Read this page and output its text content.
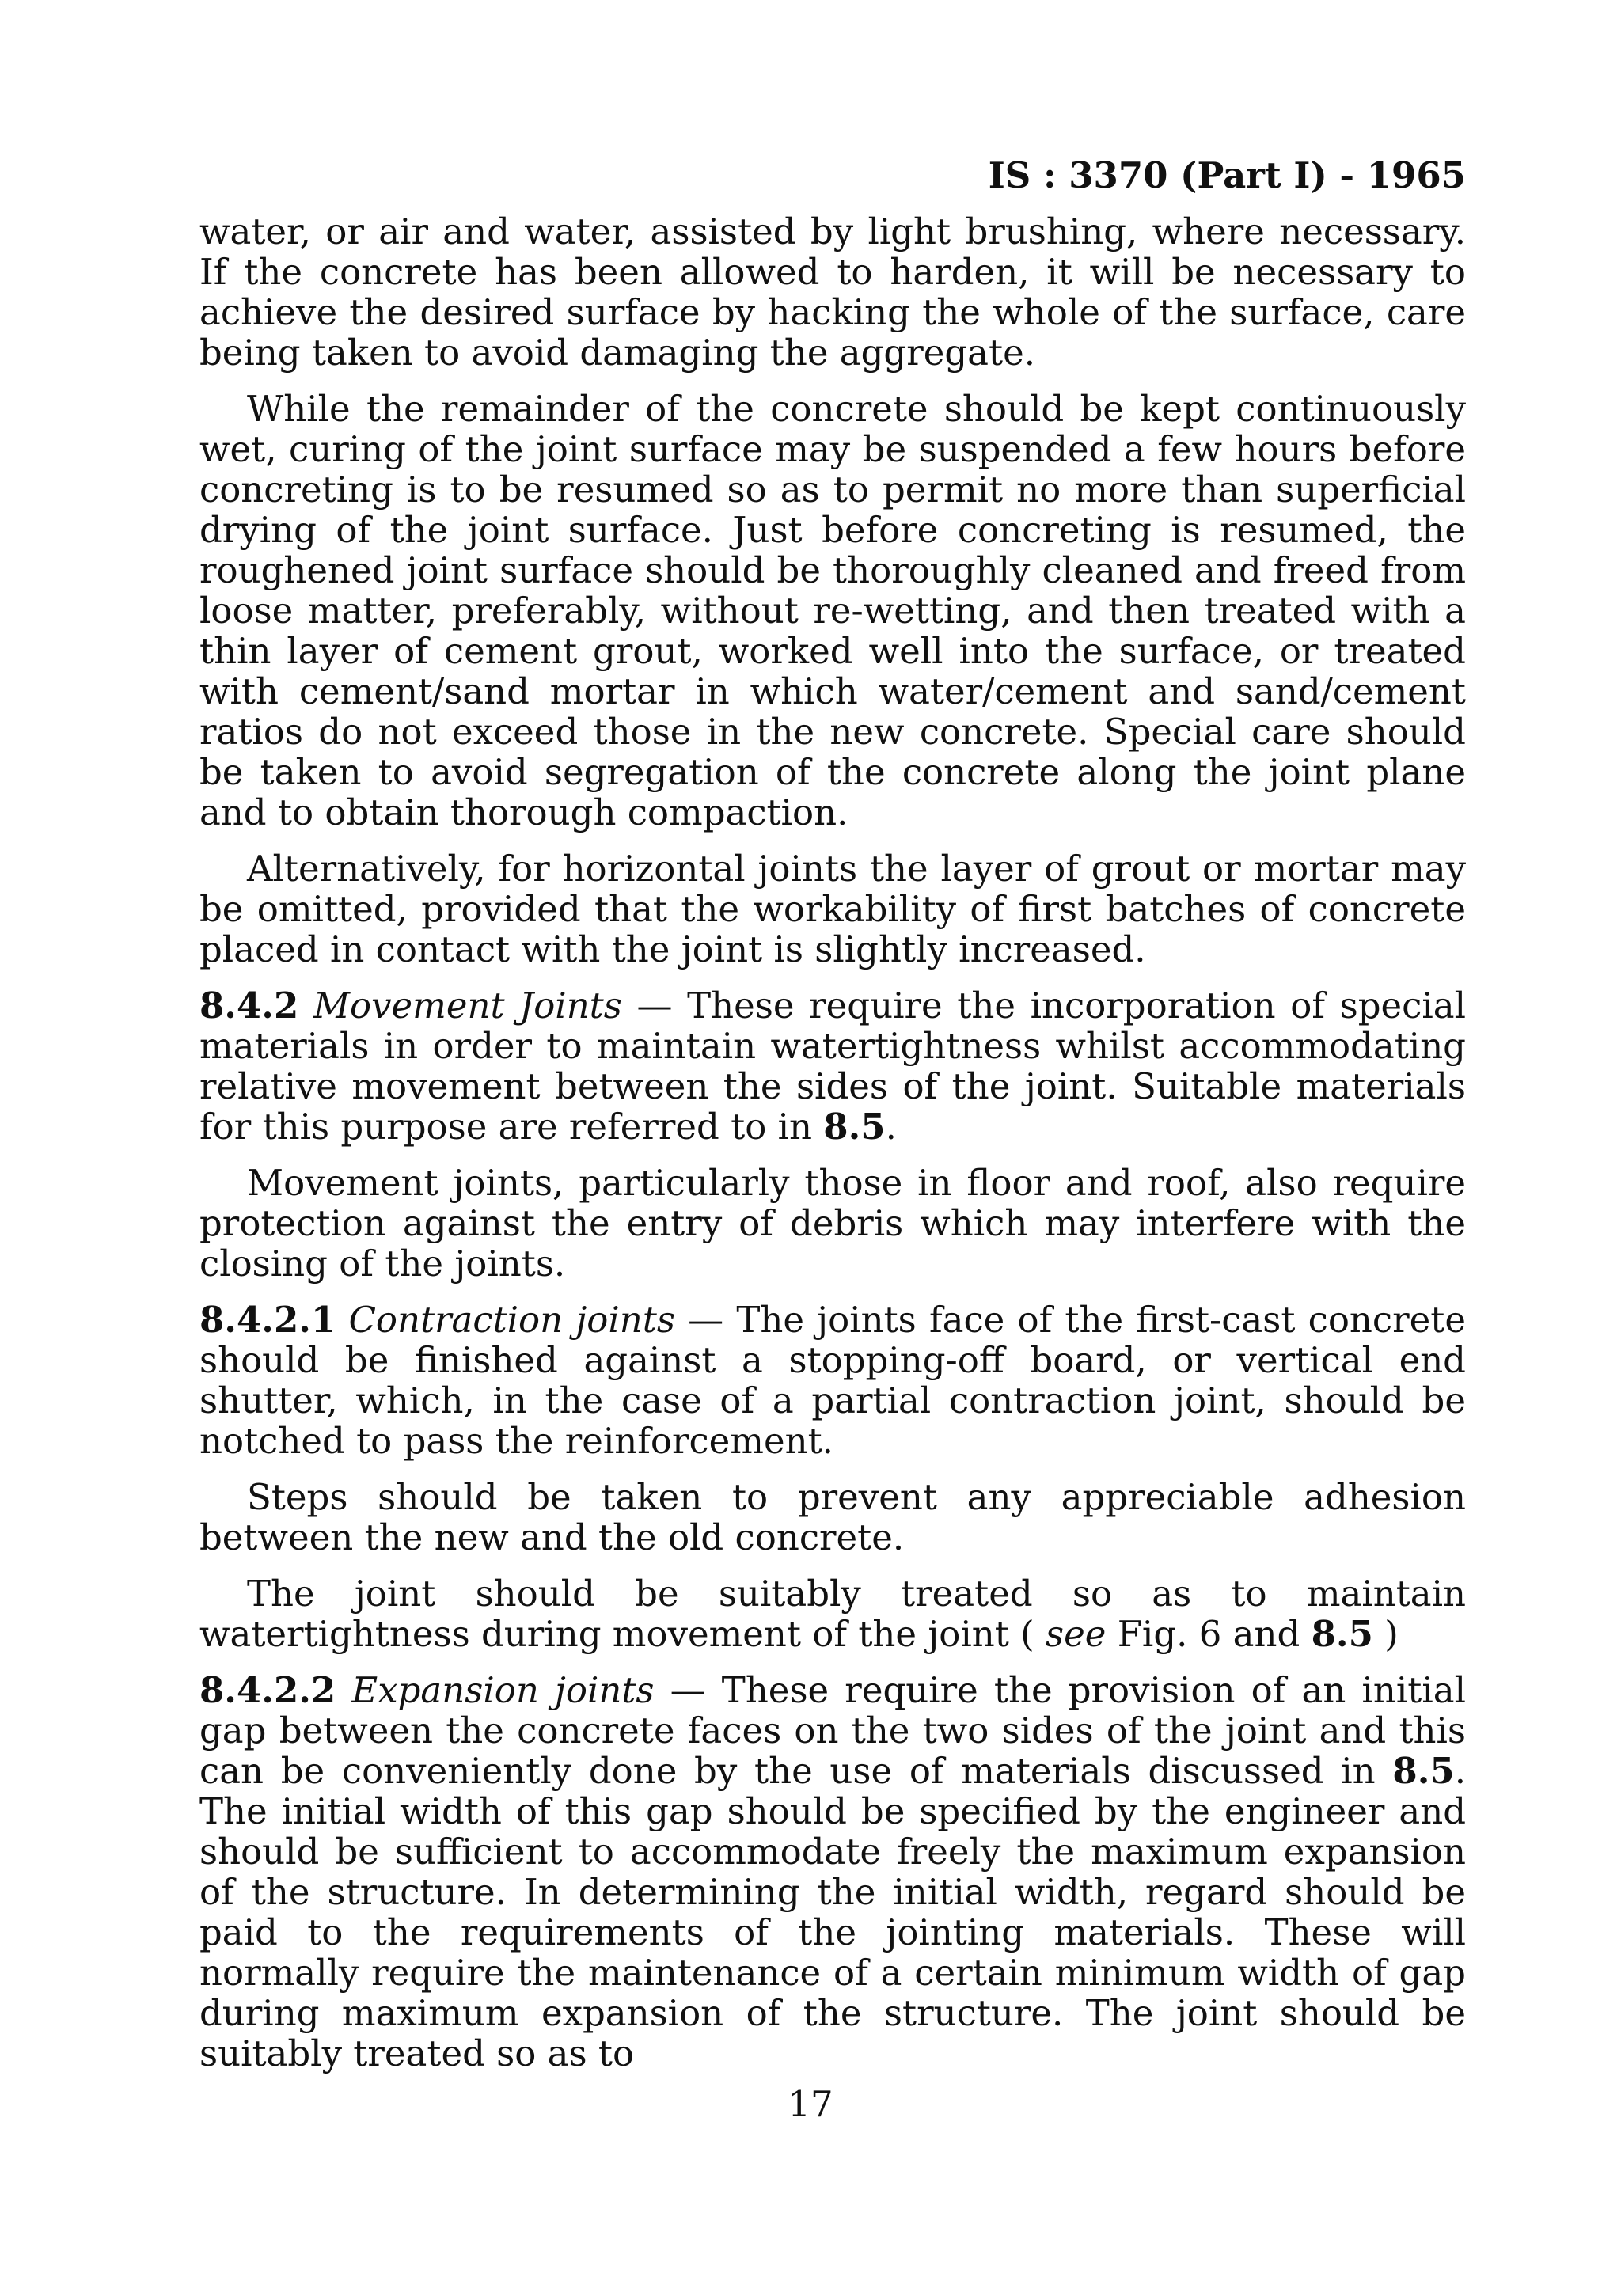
IS : 3370 (Part I) - 1965

water, or air and water, assisted by light brushing, where necessary. If the concrete has been allowed to harden, it will be necessary to achieve the desired surface by hacking the whole of the surface, care being taken to avoid damaging the aggregate.

While the remainder of the concrete should be kept continuously wet, curing of the joint surface may be suspended a few hours before concreting is to be resumed so as to permit no more than superficial drying of the joint surface. Just before concreting is resumed, the roughened joint surface should be thoroughly cleaned and freed from loose matter, preferably, without re-wetting, and then treated with a thin layer of cement grout, worked well into the surface, or treated with cement/sand mortar in which water/cement and sand/cement ratios do not exceed those in the new concrete. Special care should be taken to avoid segregation of the concrete along the joint plane and to obtain thorough compaction.

Alternatively, for horizontal joints the layer of grout or mortar may be omitted, provided that the workability of first batches of concrete placed in contact with the joint is slightly increased.

8.4.2 Movement Joints — These require the incorporation of special materials in order to maintain watertightness whilst accommodating relative movement between the sides of the joint. Suitable materials for this purpose are referred to in 8.5.

Movement joints, particularly those in floor and roof, also require protection against the entry of debris which may interfere with the closing of the joints.

8.4.2.1 Contraction joints — The joints face of the first-cast concrete should be finished against a stopping-off board, or vertical end shutter, which, in the case of a partial contraction joint, should be notched to pass the reinforcement.

Steps should be taken to prevent any appreciable adhesion between the new and the old concrete.

The joint should be suitably treated so as to maintain watertightness during movement of the joint ( see Fig. 6 and 8.5 )

8.4.2.2 Expansion joints — These require the provision of an initial gap between the concrete faces on the two sides of the joint and this can be conveniently done by the use of materials discussed in 8.5. The initial width of this gap should be specified by the engineer and should be sufficient to accommodate freely the maximum expansion of the structure. In determining the initial width, regard should be paid to the requirements of the jointing materials. These will normally require the maintenance of a certain minimum width of gap during maximum expansion of the structure. The joint should be suitably treated so as to

17
